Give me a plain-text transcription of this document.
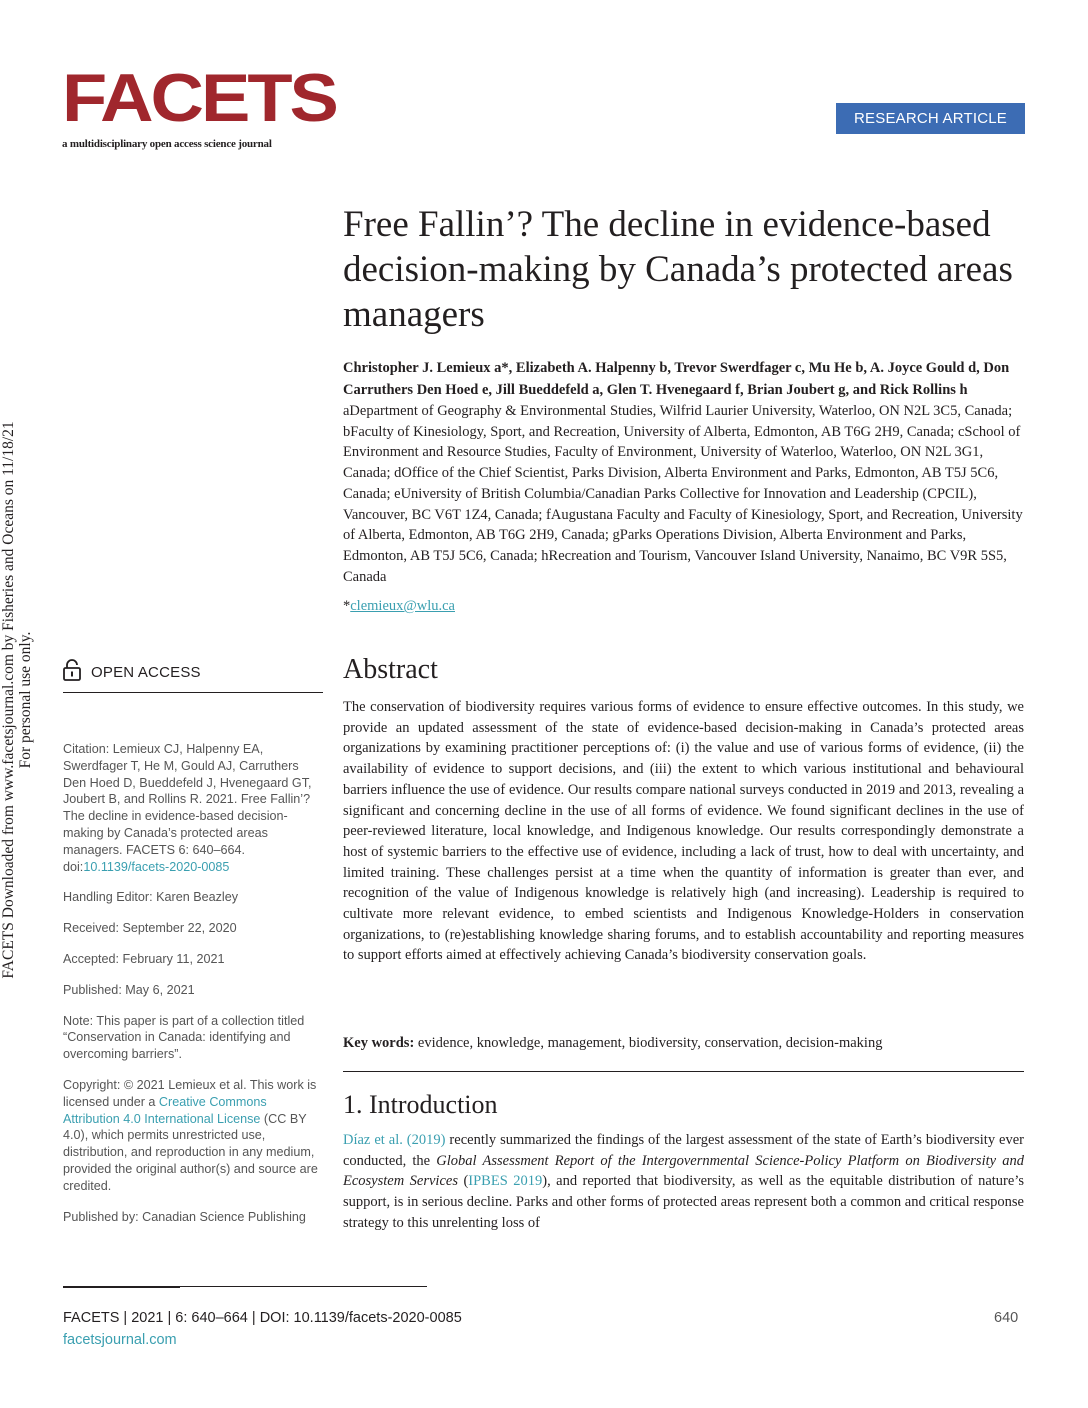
FACETS
a multidisciplinary open access science journal
RESEARCH ARTICLE
Free Fallin’? The decline in evidence-based decision-making by Canada’s protected areas managers
Christopher J. Lemieux a*, Elizabeth A. Halpenny b, Trevor Swerdfager c, Mu He b, A. Joyce Gould d, Don Carruthers Den Hoed e, Jill Bueddefeld a, Glen T. Hvenegaard f, Brian Joubert g, and Rick Rollins h
aDepartment of Geography & Environmental Studies, Wilfrid Laurier University, Waterloo, ON N2L 3C5, Canada; bFaculty of Kinesiology, Sport, and Recreation, University of Alberta, Edmonton, AB T6G 2H9, Canada; cSchool of Environment and Resource Studies, Faculty of Environment, University of Waterloo, Waterloo, ON N2L 3G1, Canada; dOffice of the Chief Scientist, Parks Division, Alberta Environment and Parks, Edmonton, AB T5J 5C6, Canada; eUniversity of British Columbia/Canadian Parks Collective for Innovation and Leadership (CPCIL), Vancouver, BC V6T 1Z4, Canada; fAugustana Faculty and Faculty of Kinesiology, Sport, and Recreation, University of Alberta, Edmonton, AB T6G 2H9, Canada; gParks Operations Division, Alberta Environment and Parks, Edmonton, AB T5J 5C6, Canada; hRecreation and Tourism, Vancouver Island University, Nanaimo, BC V9R 5S5, Canada
*clemieux@wlu.ca
FACETS Downloaded from www.facetsjournal.com by Fisheries and Oceans on 11/18/21 For personal use only.	OPEN ACCESS

Citation: Lemieux CJ, Halpenny EA, Swerdfager T, He M, Gould AJ, Carruthers Den Hoed D, Bueddefeld J, Hvenegaard GT, Joubert B, and Rollins R. 2021. Free Fallin’? The decline in evidence-based decision-making by Canada’s protected areas managers. FACETS 6: 640–664. doi:10.1139/facets-2020-0085

Handling Editor: Karen Beazley

Received: September 22, 2020

Accepted: February 11, 2021

Published: May 6, 2021

Note: This paper is part of a collection titled “Conservation in Canada: identifying and overcoming barriers”.

Copyright: © 2021 Lemieux et al. This work is licensed under a Creative Commons Attribution 4.0 International License (CC BY 4.0), which permits unrestricted use, distribution, and reproduction in any medium, provided the original author(s) and source are credited.

Published by: Canadian Science Publishing

Abstract
The conservation of biodiversity requires various forms of evidence to ensure effective outcomes. In this study, we provide an updated assessment of the state of evidence-based decision-making in Canada’s protected areas organizations by examining practitioner perceptions of: (i) the value and use of various forms of evidence, (ii) the availability of evidence to support decisions, and (iii) the extent to which various institutional and behavioural barriers influence the use of evidence. Our results compare national surveys conducted in 2019 and 2013, revealing a significant and concerning decline in the use of all forms of evidence. We found significant declines in the use of peer-reviewed literature, local knowledge, and Indigenous knowledge. Our results correspondingly demonstrate a host of systemic barriers to the effective use of evidence, including a lack of trust, how to deal with uncertainty, and limited training. These challenges persist at a time when the quantity of information is greater than ever, and recognition of the value of Indigenous knowledge is relatively high (and increasing). Leadership is required to cultivate more relevant evidence, to embed scientists and Indigenous Knowledge-Holders in conservation organizations, to (re)establishing knowledge sharing forums, and to establish accountability and reporting measures to support efforts aimed at effectively achieving Canada’s biodiversity conservation goals.
Key words: evidence, knowledge, management, biodiversity, conservation, decision-making
1. Introduction
Díaz et al. (2019) recently summarized the findings of the largest assessment of the state of Earth’s biodiversity ever conducted, the Global Assessment Report of the Intergovernmental Science-Policy Platform on Biodiversity and Ecosystem Services (IPBES 2019), and reported that biodiversity, as well as the equitable distribution of nature’s support, is in serious decline. Parks and other forms of protected areas represent both a common and critical response strategy to this unrelenting loss of
FACETS | 2021 | 6: 640–664 | DOI: 10.1139/facets-2020-0085
facetsjournal.com
640
